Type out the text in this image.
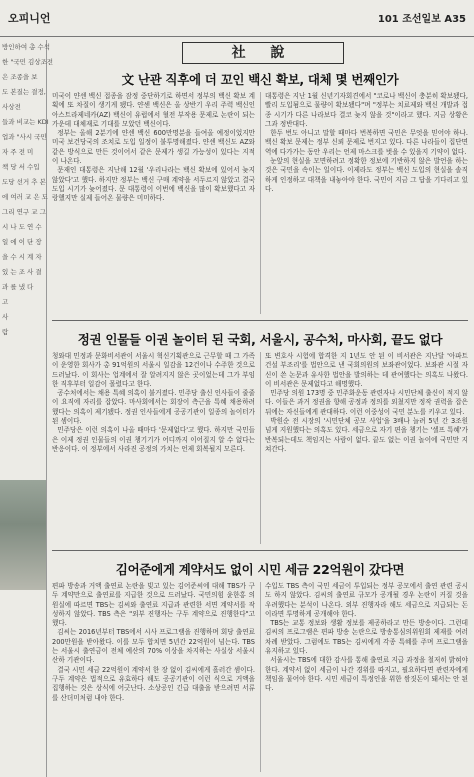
오피니언	101 조선일보 A35
방인하여 총 수석
한 "국민 김상조전
은 조종을 보
도 본질는 결정,
사상전
들과 비교는 KDI
업과 "사시 국민
자 주 전 미
책 당 서 수입
도당 선거 추 본
에 여러 교 은 도
그리 연구 교 그
시 나 도 연 수
일 에 이 단 장
을 수 시 계 자
있 는 조 사 결
과 를 냈 다
고
사
람
社 說
文 난관 직후에 더 꼬인 백신 확보, 대체 몇 번째인가

미국이 얀센 백신 접종을 잠정 중단하기로 하면서 정부의 백신 확보 계획에 또 차질이 생기게 됐다. 얀센 백신은 올 상반기 우리 주력 백신인 아스트라제네카(AZ) 백신이 유럽에서 혈전 부작용 문제로 논란이 되는 가운데 대체재로 기대를 모았던 백신이다.

정부는 올해 2분기에 얀센 백신 600만명분을 들여올 예정이었지만 미국 보건당국의 조치로 도입 일정이 불투명해졌다. 얀센 백신도 AZ와 같은 방식으로 만든 것이어서 같은 문제가 생길 가능성이 있다는 지적이 나온다.

문재인 대통령은 지난해 12월 '우리나라는 백신 확보에 있어서 늦지 않았다'고 했다. 하지만 정부는 백신 구매 계약을 서두르지 않았고 결국 도입 시기가 늦어졌다. 문 대통령이 이번에 백신을 많이 확보했다고 자랑했지만 실제 들어온 물량은 미미하다.

대통령은 지난 1월 신년기자회견에서 "코로나 백신이 충분히 확보됐다, 빨리 도입됨으로 물량이 확보됐다"며 "정부는 치료제와 백신 개발과 접종 시기가 다른 나라보다 결코 늦지 않을 것"이라고 했다. 지금 상황은 그과 정반대다.

한두 번도 아니고 말할 때마다 번복하면 국민은 무엇을 믿어야 하나. 백신 확보 문제는 정부 신뢰 문제로 번지고 있다. 다른 나라들이 집단면역에 다가가는 동안 우리는 언제 마스크를 벗을 수 있을지 기약이 없다.

눈앞의 현실을 모면하려고 정확한 정보에 기반하지 않은 발언을 하는 것은 국민을 속이는 일이다. 이제라도 정부는 백신 도입의 현실을 솔직하게 인정하고 대책을 내놓아야 한다. 국민이 지금 그 답을 기다리고 있다.

정권 인물들 이권 놀이터 된 국회, 서울시, 공수처, 마사회, 끝도 없다

청와대 민정과 문화비서관이 서울시 혁신기획관으로 근무할 때 그 가족이 운영한 회사가 총 91억원의 서울시 일감을 12건이나 수주한 것으로 드러났다. 이 회사는 업계에서 잘 알려지지 않은 곳이었는데 그가 부임한 직후부터 일감이 몰렸다고 한다.

공수처에서는 채용 특혜 의혹이 불거졌다. 민주당 출신 인사들이 줄줄이 요직에 자리를 잡았다. 마사회에서는 회장이 측근을 특혜 채용하려 했다는 의혹이 제기됐다. 정권 인사들에게 공공기관이 일종의 놀이터가 된 셈이다.

민주당은 이런 의혹이 나올 때마다 '문제없다'고 했다. 하지만 국민들은 이제 정권 인물들의 이권 챙기기가 어디까지 이어질지 알 수 없다는 반응이다. 이 정부에서 사라진 공정의 가치는 언제 회복될지 모른다.

또 변호사 시험에 합격한 지 1년도 안 된 이 비서관은 지난달 '아파트 건설 부조리'를 법안으로 낸 국회의원의 보좌관이었다. 보좌관 시절 자신이 쓴 논문과 유사한 법안을 발의하는 데 관여했다는 의혹도 나왔다. 이 비서관은 문제없다고 해명했다.

민주당 의원 173명 중 민주화운동 관련자나 시민단체 출신이 적지 않다. 이들은 과거 정권을 향해 공정과 정의를 외쳤지만 정작 권력을 잡은 뒤에는 자신들에게 관대하다. 이런 이중성이 국민 분노를 키우고 있다.

박원순 전 시장의 '시민단체 공모 사업'을 3배나 늘려 5년 간 3조원 넘게 지원했다는 의혹도 있다. 세금으로 자기 편을 챙기는 '셀프 특혜'가 반복되는데도 책임지는 사람이 없다. 끝도 없는 이권 놀이에 국민만 지쳐간다.

김어준에게 계약서도 없이 시민 세금 22억원이 갔다면

편파 방송과 거액 출연료 논란을 빚고 있는 김어준씨에 대해 TBS가 구두 계약만으로 출연료를 지급한 것으로 드러났다. 국민의힘 윤한홍 의원실에 따르면 TBS는 김씨와 출연료 지급과 관련한 서면 계약서를 작성하지 않았다. TBS 측은 "외부 진행자는 구두 계약으로 진행한다"고 했다.

김씨는 2016년부터 TBS에서 시사 프로그램을 진행하며 회당 출연료 200만원을 받아왔다. 이를 모두 합치면 5년간 22억원이 넘는다. TBS는 서울시 출연금이 전체 예산의 70% 이상을 차지하는 사실상 서울시 산하 기관이다.

결국 시민 세금 22억원이 계약서 한 장 없이 김씨에게 흘러간 셈이다. 구두 계약은 법적으로 유효하다 해도 공공기관이 이런 식으로 거액을 집행하는 것은 상식에 어긋난다. 소상공인 긴급 대출을 받으려면 서류를 산더미처럼 내야 한다.

수입도 TBS 측이 국민 세금이 투입되는 정부 공모에서 출연 관련 공시도 하지 않았다. 김씨의 출연료 규모가 공개될 경우 논란이 커질 것을 우려했다는 분석이 나온다. 외부 진행자라 해도 세금으로 지급되는 돈이라면 투명하게 공개해야 한다.

TBS는 교통 정보와 생활 정보를 제공하라고 만든 방송이다. 그런데 김씨의 프로그램은 편파 방송 논란으로 방송통심의위원회 제재를 여러 차례 받았다. 그럼에도 TBS는 김씨에게 각종 특혜를 주며 프로그램을 유지하고 있다.

서울시는 TBS에 대한 감사를 통해 출연료 지급 과정을 철저히 밝혀야 한다. 계약서 없이 세금이 나간 경위를 따지고, 필요하다면 관련자에게 책임을 물어야 한다. 시민 세금이 특정인을 위한 쌈짓돈이 돼서는 안 된다.
